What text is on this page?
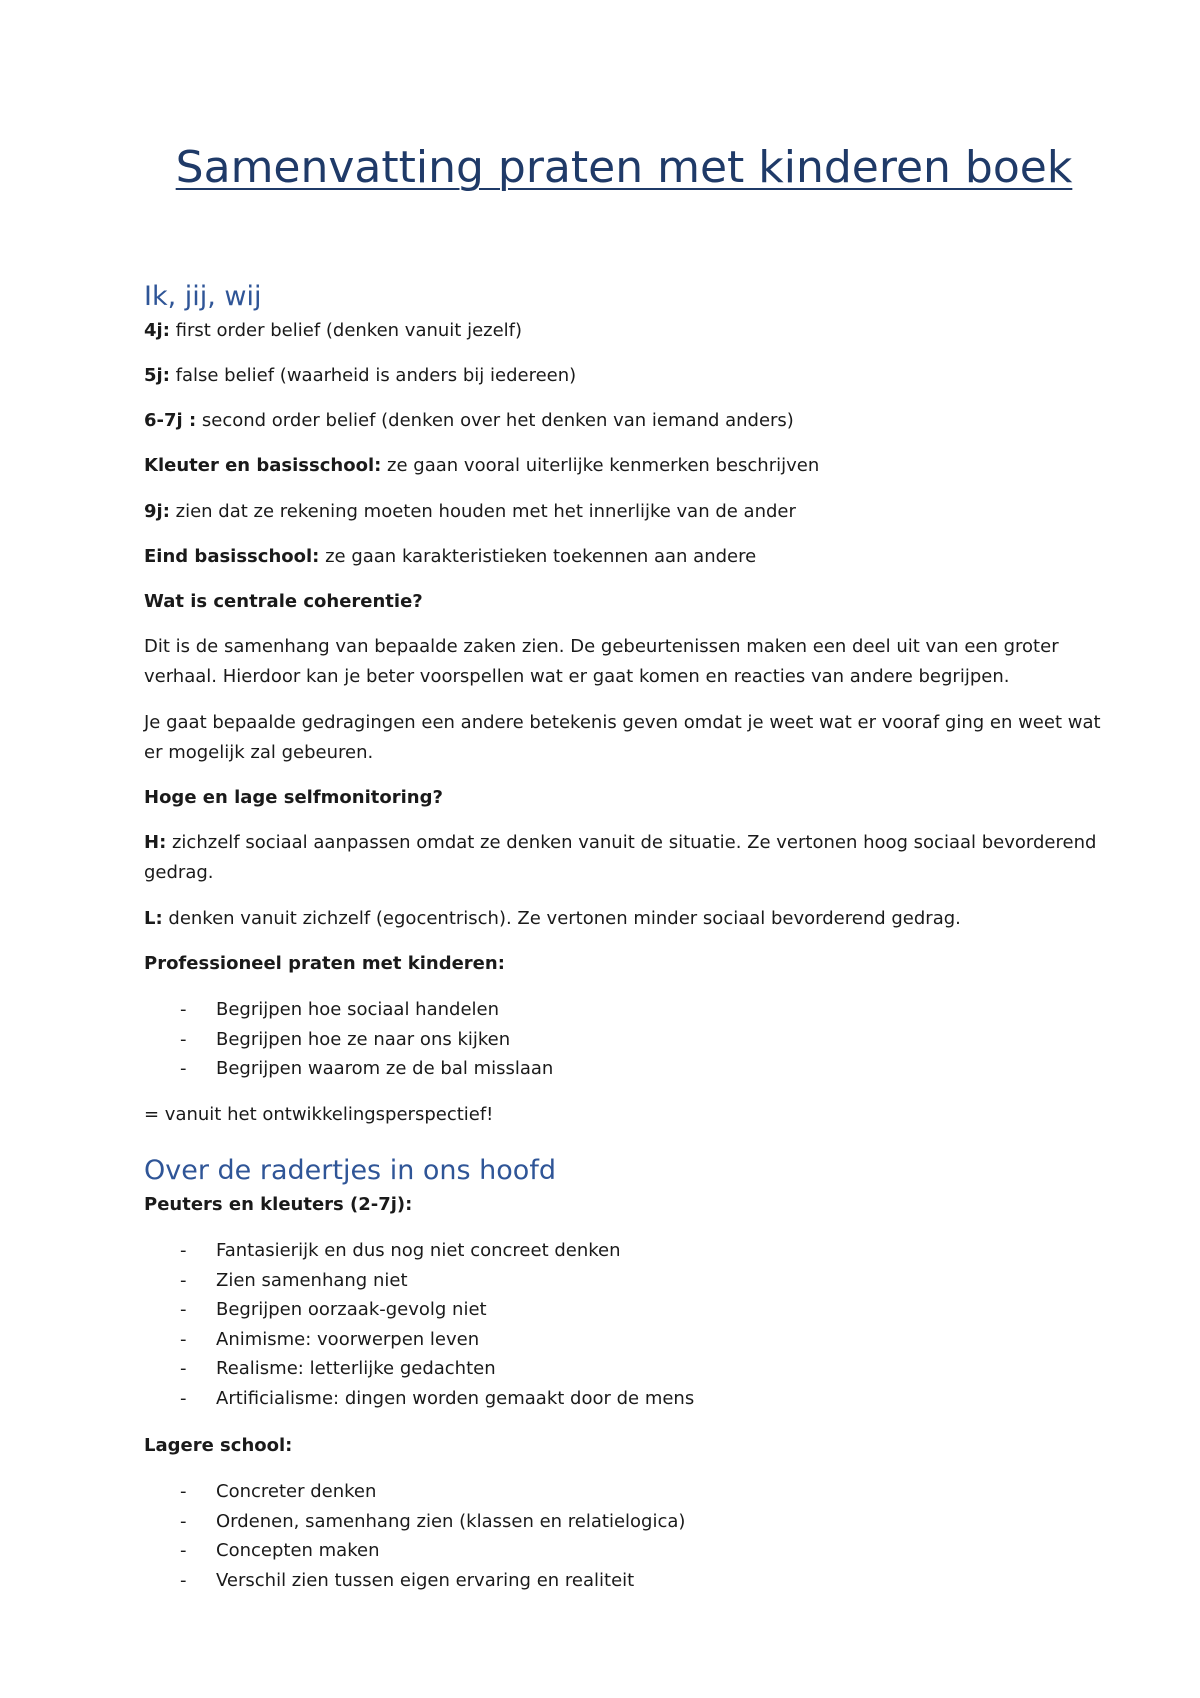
Samenvatting praten met kinderen boek
Ik, jij, wij

4j: first order belief (denken vanuit jezelf)

5j: false belief (waarheid is anders bij iedereen)

6-7j : second order belief (denken over het denken van iemand anders)

Kleuter en basisschool: ze gaan vooral uiterlijke kenmerken beschrijven

9j: zien dat ze rekening moeten houden met het innerlijke van de ander

Eind basisschool: ze gaan karakteristieken toekennen aan andere

Wat is centrale coherentie?

Dit is de samenhang van bepaalde zaken zien. De gebeurtenissen maken een deel uit van een groter verhaal. Hierdoor kan je beter voorspellen wat er gaat komen en reacties van andere begrijpen.

Je gaat bepaalde gedragingen een andere betekenis geven omdat je weet wat er vooraf ging en weet wat er mogelijk zal gebeuren.

Hoge en lage selfmonitoring?

H: zichzelf sociaal aanpassen omdat ze denken vanuit de situatie. Ze vertonen hoog sociaal bevorderend gedrag.

L: denken vanuit zichzelf (egocentrisch). Ze vertonen minder sociaal bevorderend gedrag.

Professioneel praten met kinderen:

- Begrijpen hoe sociaal handelen
- Begrijpen hoe ze naar ons kijken
- Begrijpen waarom ze de bal misslaan

= vanuit het ontwikkelingsperspectief!

Over de radertjes in ons hoofd

Peuters en kleuters (2-7j):

- Fantasierijk en dus nog niet concreet denken
- Zien samenhang niet
- Begrijpen oorzaak-gevolg niet
- Animisme: voorwerpen leven
- Realisme: letterlijke gedachten
- Artificialisme: dingen worden gemaakt door de mens

Lagere school:

- Concreter denken
- Ordenen, samenhang zien (klassen en relatielogica)
- Concepten maken
- Verschil zien tussen eigen ervaring en realiteit
